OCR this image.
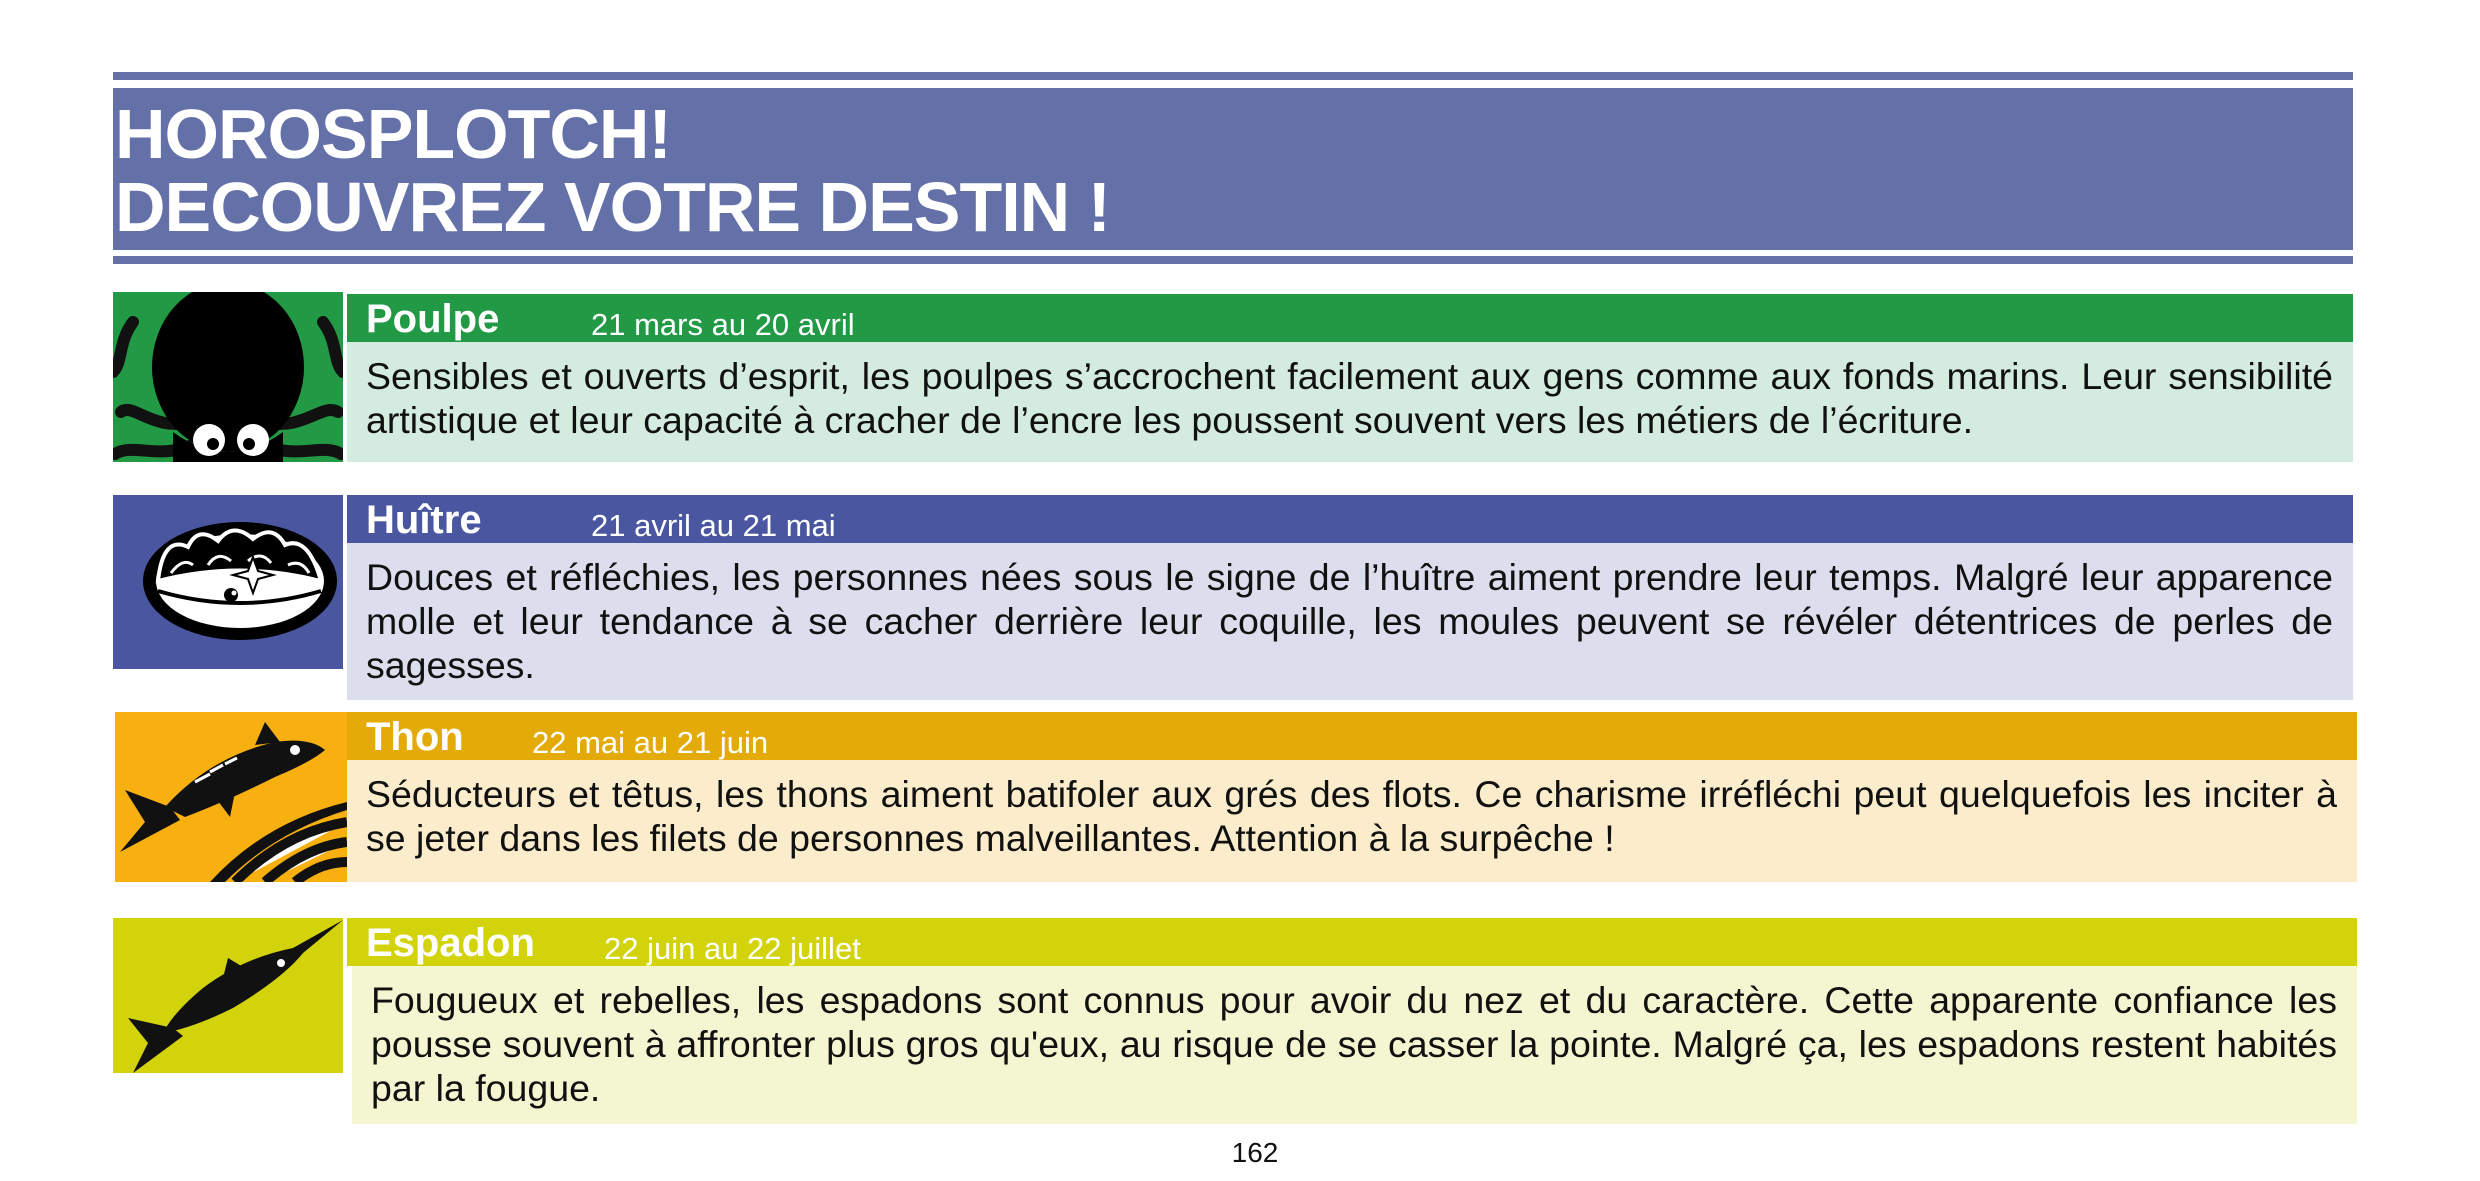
HOROSPLOTCH!
DECOUVREZ VOTRE DESTIN !
Poulpe	21 mars au 20 avril
Sensibles et ouverts d’esprit, les poulpes s’accrochent facilement aux gens comme aux fonds marins. Leur sensibilité artistique et leur capacité à cracher de l’encre les poussent souvent vers les métiers de l’écriture.
Huître	21 avril au 21 mai
Douces et réfléchies, les personnes nées sous le signe de l’huître aiment prendre leur temps. Malgré leur apparence molle et leur tendance à se cacher derrière leur coquille, les moules peuvent se révéler détentrices de perles de sagesses.
Thon 22 mai au 21 juin
Séducteurs et têtus, les thons aiment batifoler aux grés des flots. Ce charisme irréfléchi peut quelquefois les inciter à se jeter dans les filets de personnes malveillantes. Attention à la surpêche !
Espadon 22 juin au 22 juillet
Fougueux et rebelles, les espadons sont connus pour avoir du nez et du caractère. Cette apparente confiance les pousse souvent à affronter plus gros qu'eux, au risque de se casser la pointe. Malgré ça, les espadons restent habités par la fougue.
162
